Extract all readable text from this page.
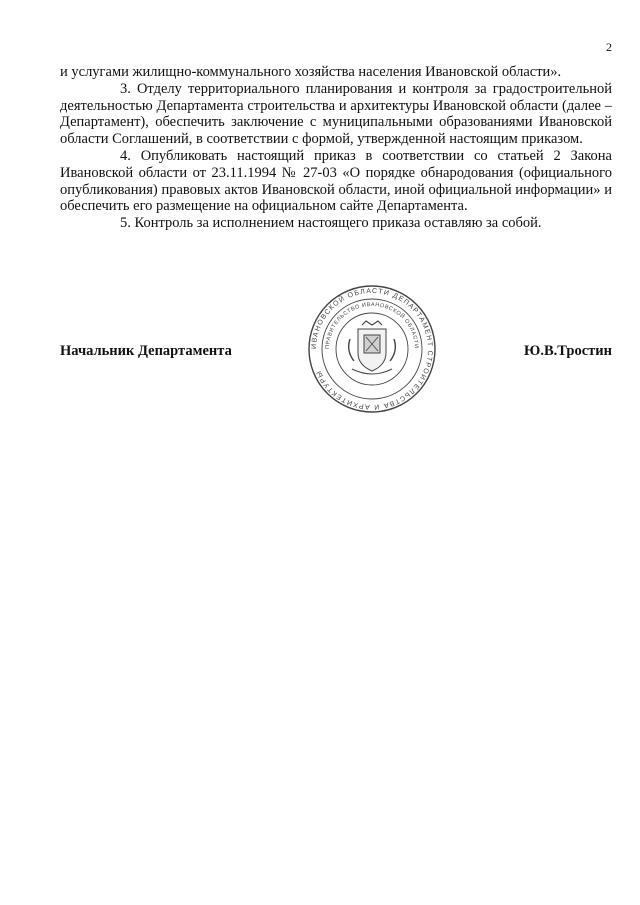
2

и услугами жилищно-коммунального хозяйства населения Ивановской области».

3. Отделу территориального планирования и контроля за градостроительной деятельностью Департамента строительства и архитектуры Ивановской области (далее – Департамент), обеспечить заключение с муниципальными образованиями Ивановской области Соглашений, в соответствии с формой, утвержденной настоящим приказом.

4. Опубликовать настоящий приказ в соответствии со статьей 2 Закона Ивановской области от 23.11.1994 № 27-03 «О порядке обнародования (официального опубликования) правовых актов Ивановской области, иной официальной информации» и обеспечить его размещение на официальном сайте Департамента.

5. Контроль за исполнением настоящего приказа оставляю за собой.

Начальник Департамента	Ю.В.Тростин
ИВАНОВСКОЙ ОБЛАСТИ ДЕПАРТАМЕНТ СТРОИТЕЛЬСТВА И АРХИТЕКТУРЫ
ПРАВИТЕЛЬСТВО ИВАНОВСКОЙ ОБЛАСТИ
